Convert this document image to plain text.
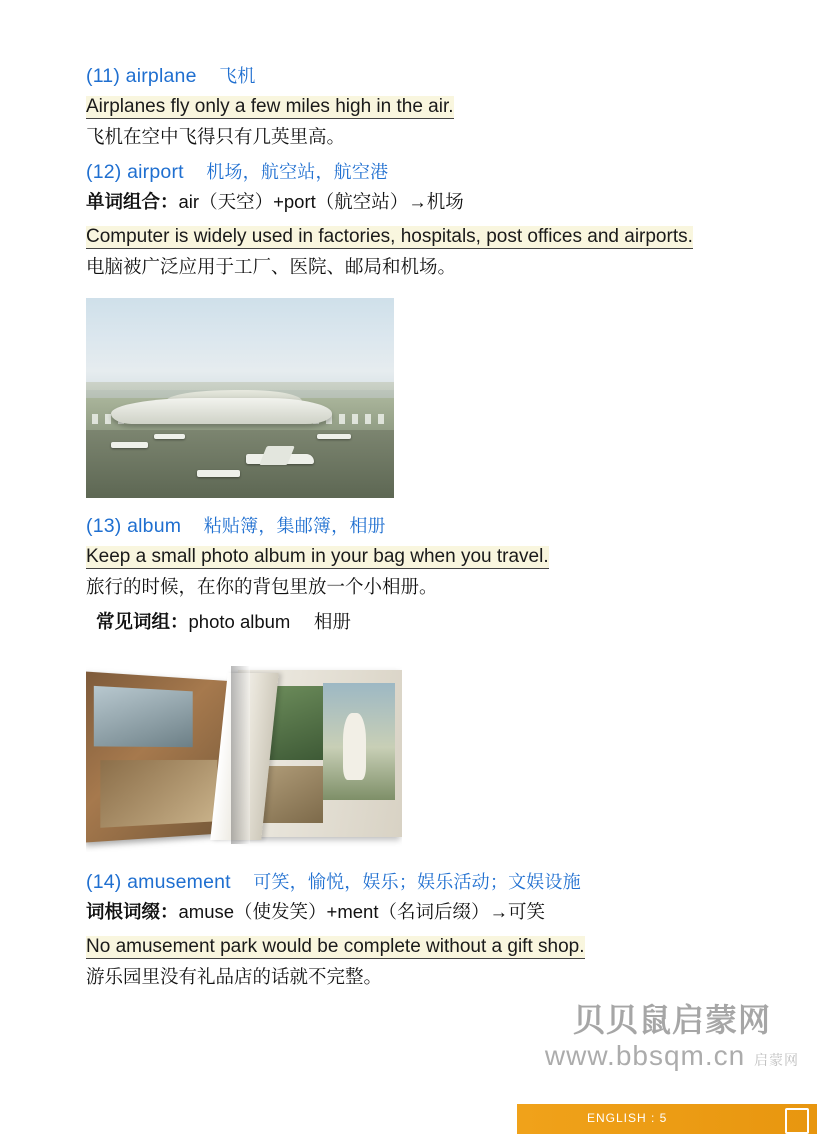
(11) airplane 飞机

Airplanes fly only a few miles high in the air.

飞机在空中飞得只有几英里高。

(12) airport 机场，航空站，航空港

单词组合：air（天空）+port（航空站）→机场

Computer is widely used in factories, hospitals, post offices and airports.

电脑被广泛应用于工厂、医院、邮局和机场。

(13) album 粘贴簿，集邮簿，相册

Keep a small photo album in your bag when you travel.

旅行的时候，在你的背包里放一个小相册。

常见词组：photo album 相册

(14) amusement 可笑，愉悦，娱乐；娱乐活动；文娱设施

词根词缀：amuse（使发笑）+ment（名词后缀）→可笑

No amusement park would be complete without a gift shop.

游乐园里没有礼品店的话就不完整。

贝贝鼠启蒙网
www.bbsqm.cn 启蒙网
ENGLISH : 5
